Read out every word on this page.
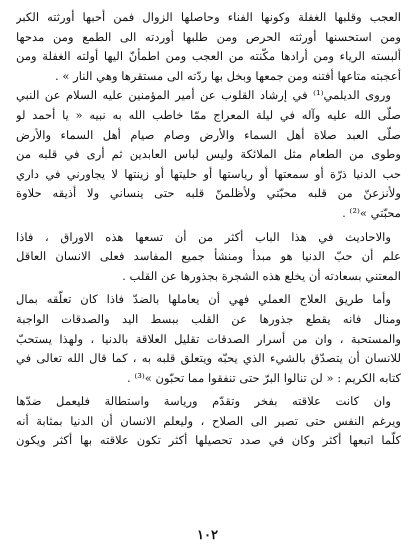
العجب وقلبها الغفلة وكونها الفناء وحاصلها الزوال فمن أحبها أورثته الكبر
ومن استحسنها أورثته الحرص ومن طلبها أوردته الى الطمع ومن مدحها
ألبسته الرياء ومن أرادها مكّنته من العجب ومن اطمأنّ اليها أولته الغفلة ومن
أعجبته متاعها أفتنه ومن جمعها وبخل بها ردّته الى مستقرها وهي النار » .
وروى الديلمي⁽¹⁾ في إرشاد القلوب عن أمير المؤمنين عليه السلام عن النبي
صلّى الله عليه وآله في ليلة المعراج ممّا خاطب الله به نبيه « يا أحمد لو
صلّى العبد صلاة أهل السماء والأرض وصام صيام أهل السماء والأرض
وطوى من الطعام مثل الملائكة وليس لباس العابدين ثم أرى في قلبه من
حب الدنيا ذرّة أو سمعتها أو رياستها أو حليتها أو زينتها لا يجاورني في داري
ولأنزعنّ من قلبه محبّتي ولأظلمنّ قلبه حتى ينساني ولا أذيقه حلاوة
محبّتي »⁽²⁾ .
والاحاديث في هذا الباب أكثر من أن تسعها هذه الاوراق ، فاذا
علم أن حبّ الدنيا هو مبدأ ومنشأ جميع المفاسد فعلى الانسان العاقل
المعتني بسعادته أن يخلع هذه الشجرة بجذورها عن القلب .
وأما طريق العلاج العملي فهي أن يعاملها بالضدّ فاذا كان تعلّقه بمال
ومنال فانه يقطع جذورها عن القلب ببسط اليد والصدقات الواجبة
والمستحبة ، وان من أسرار الصدقات تقليل العلاقة بالدنيا ، ولهذا يستحبّ
للانسان أن يتصدّق بالشيء الذي يحبّه ويتعلق قلبه به ، كما قال الله تعالى في
كتابه الكريم : « لن تنالوا البرّ حتى تنفقوا مما تحبّون »⁽³⁾ .
وان كانت علاقته بفخر وتقدّم ورياسة واستطالة فليعمل ضدّها
ويرغم النفس حتى تصير الى الصلاح ، وليعلم الانسان أن الدنيا بمثابة أنه
كلّما اتبعها أكثر وكان في صدد تحصيلها أكثر تكون علاقته بها أكثر ويكون
١٠٢
